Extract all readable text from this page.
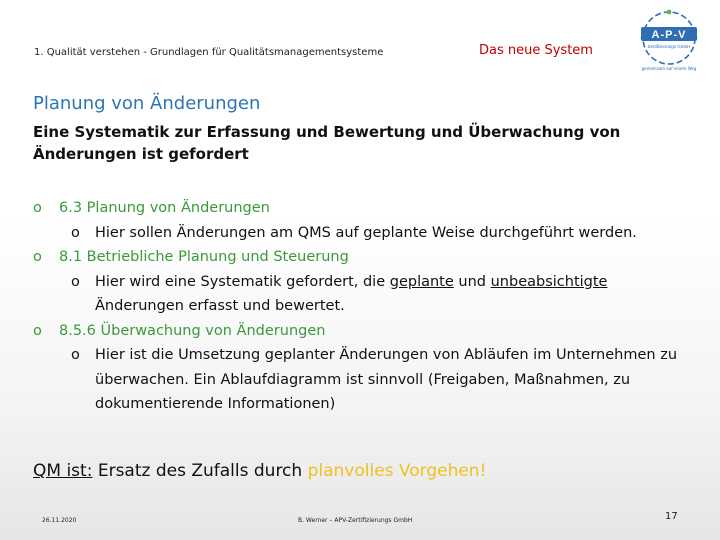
1. Qualität verstehen - Grundlagen für Qualitätsmanagementsysteme	Das neue System
A-P-V
Zertifizierungs GmbH
gemeinsam auf einem Weg
Planung von Änderungen
Eine Systematik zur Erfassung und Bewertung und Überwachung von Änderungen ist gefordert
o 6.3 Planung von Änderungen
o Hier sollen Änderungen am QMS auf geplante Weise durchgeführt werden.
o 8.1 Betriebliche Planung und Steuerung
o Hier wird eine Systematik gefordert, die geplante und unbeabsichtigte Änderungen erfasst und bewertet.
o 8.5.6 Überwachung von Änderungen
o Hier ist die Umsetzung geplanter Änderungen von Abläufen im Unternehmen zu überwachen. Ein Ablaufdiagramm ist sinnvoll (Freigaben, Maßnahmen, zu dokumentierende Informationen)
QM ist: Ersatz des Zufalls durch planvolles Vorgehen!
26.11.2020	B. Werner – APV-Zertifizierungs GmbH	17
